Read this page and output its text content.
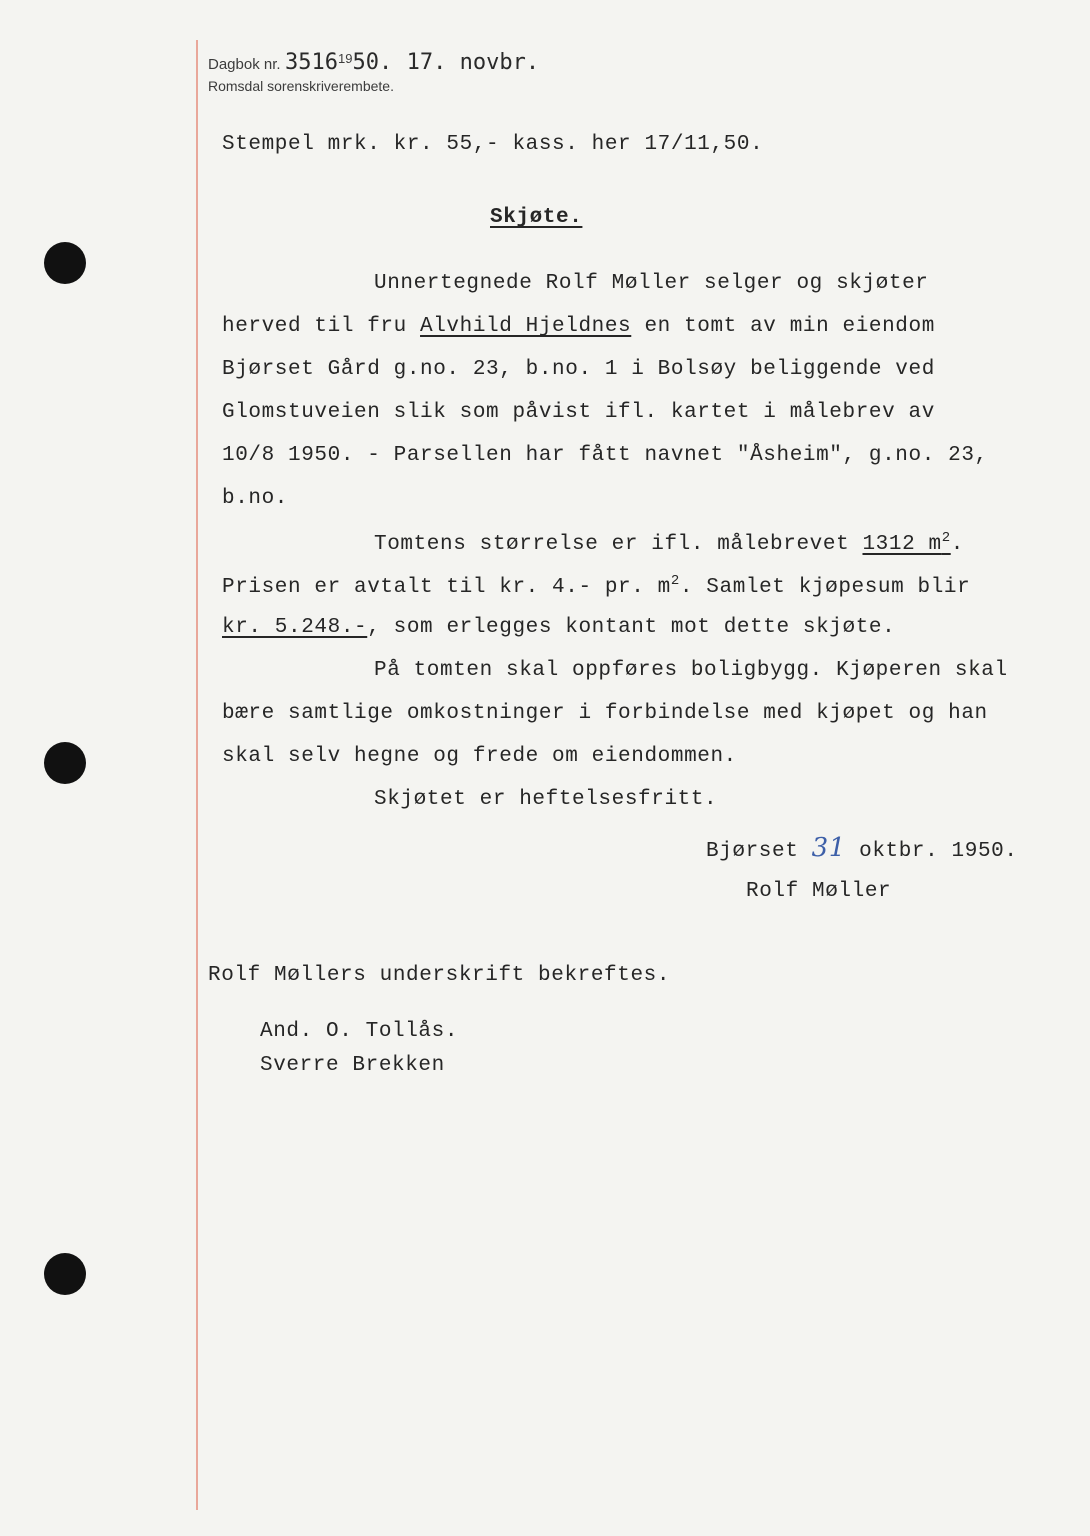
Dagbok nr. 3516$^{19}$50. 17. novbr.
Romsdal sorenskriverembete.
Stempel mrk. kr. 55,- kass. her 17/11,50.
Skjøte.
Unnertegnede Rolf Møller selger og skjøter
herved til fru Alvhild Hjeldnes en tomt av min eiendom
Bjørset Gård g.no. 23, b.no. 1 i Bolsøy beliggende ved
Glomstuveien slik som påvist ifl. kartet i målebrev av
10/8 1950. - Parsellen har fått navnet "Åsheim", g.no. 23,
b.no.
Tomtens størrelse er ifl. målebrevet 1312 $m^2$.
Prisen er avtalt til kr. 4.- pr. $m^2$. Samlet kjøpesum blir
kr. 5.248.-, som erlegges kontant mot dette skjøte.
På tomten skal oppføres boligbygg. Kjøperen skal
bære samtlige omkostninger i forbindelse med kjøpet og han
skal selv hegne og frede om eiendommen.
Skjøtet er heftelsesfritt.
Bjørset 31 oktbr. 1950.
Rolf Møller
Rolf Møllers underskrift bekreftes.
And. O. Tollås.
Sverre Brekken
